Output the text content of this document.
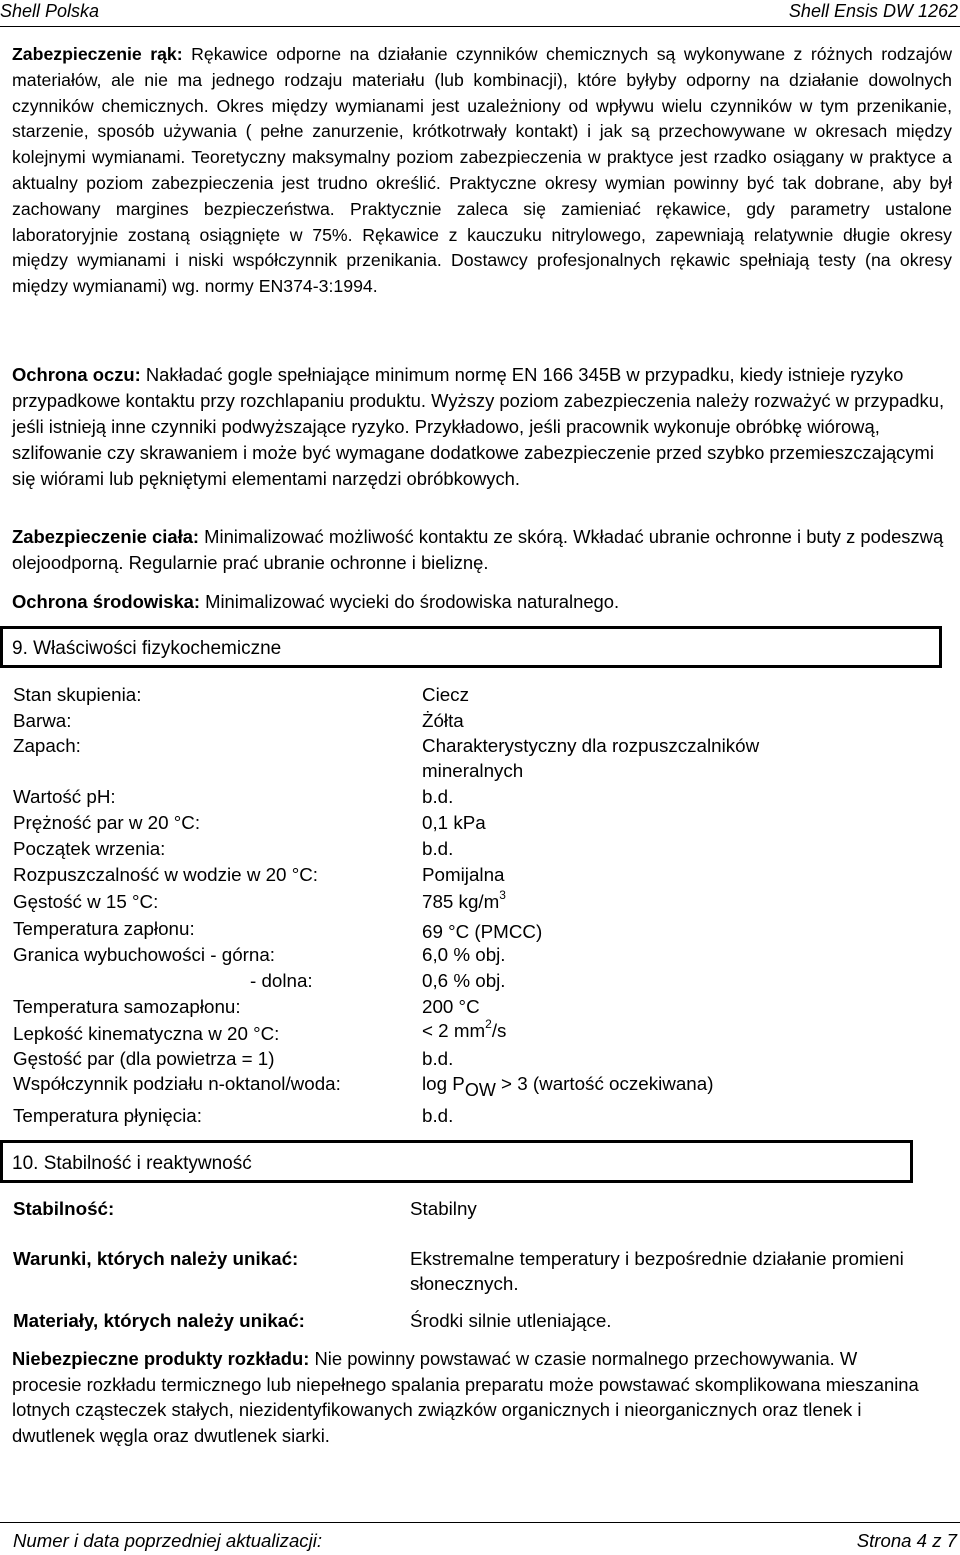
Shell Polska	Shell Ensis DW 1262
Zabezpieczenie rąk: Rękawice odporne na działanie czynników chemicznych są wykonywane z różnych rodzajów materiałów, ale nie ma jednego rodzaju materiału (lub kombinacji), które byłyby odporny na działanie dowolnych czynników chemicznych. Okres między wymianami jest uzależniony od wpływu wielu czynników w tym przenikanie, starzenie, sposób używania ( pełne zanurzenie, krótkotrwały kontakt) i jak są przechowywane w okresach między kolejnymi wymianami. Teoretyczny maksymalny poziom zabezpieczenia w praktyce jest rzadko osiągany w praktyce a aktualny poziom zabezpieczenia jest trudno określić. Praktyczne okresy wymian powinny być tak dobrane, aby był zachowany margines bezpieczeństwa. Praktycznie zaleca się zamieniać rękawice, gdy parametry ustalone laboratoryjnie zostaną osiągnięte w 75%. Rękawice z kauczuku nitrylowego, zapewniają relatywnie długie okresy między wymianami i niski współczynnik przenikania. Dostawcy profesjonalnych rękawic spełniają testy (na okresy między wymianami) wg. normy EN374-3:1994.
Ochrona oczu: Nakładać gogle spełniające minimum normę EN 166 345B w przypadku, kiedy istnieje ryzyko przypadkowe kontaktu przy rozchlapaniu produktu. Wyższy poziom zabezpieczenia należy rozważyć w przypadku, jeśli istnieją inne czynniki podwyższające ryzyko. Przykładowo, jeśli pracownik wykonuje obróbkę wiórową, szlifowanie czy skrawaniem i może być wymagane dodatkowe zabezpieczenie przed szybko przemieszczającymi się wiórami lub pękniętymi elementami narzędzi obróbkowych.
Zabezpieczenie ciała: Minimalizować możliwość kontaktu ze skórą. Wkładać ubranie ochronne i buty z podeszwą olejoodporną. Regularnie prać ubranie ochronne i bieliznę.
Ochrona środowiska: Minimalizować wycieki do środowiska naturalnego.
9. Właściwości fizykochemiczne
Stan skupienia:	Ciecz
Barwa:	Żółta
Zapach:	Charakterystyczny dla rozpuszczalników
mineralnych
Wartość pH:	b.d.
Prężność par w 20 °C:	0,1 kPa
Początek wrzenia:	b.d.
Rozpuszczalność w wodzie w 20 °C:	Pomijalna
Gęstość w 15 °C:	785 $kg/m^3$
Temperatura zapłonu:	69 °C (PMCC)
Granica wybuchowości - górna:	6,0 % obj.
- dolna:	0,6 % obj.
Temperatura samozapłonu:	200 °C
Lepkość kinematyczna w 20 °C:	< 2 $mm^2/s$
Gęstość par (dla powietrza = 1)	b.d.
Współczynnik podziału n-oktanol/woda:	$\log P_{OW} > 3$ (wartość oczekiwana)
Temperatura płynięcia:	b.d.
10. Stabilność i reaktywność
Stabilność:	Stabilny
Warunki, których należy unikać:	Ekstremalne temperatury i bezpośrednie działanie promieni słonecznych.
Materiały, których należy unikać:	Środki silnie utleniające.
Niebezpieczne produkty rozkładu: Nie powinny powstawać w czasie normalnego przechowywania. W procesie rozkładu termicznego lub niepełnego spalania preparatu może powstawać skomplikowana mieszanina lotnych cząsteczek stałych, niezidentyfikowanych związków organicznych i nieorganicznych oraz tlenek i dwutlenek węgla oraz dwutlenek siarki.
Numer i data poprzedniej aktualizacji:	Strona 4 z 7
